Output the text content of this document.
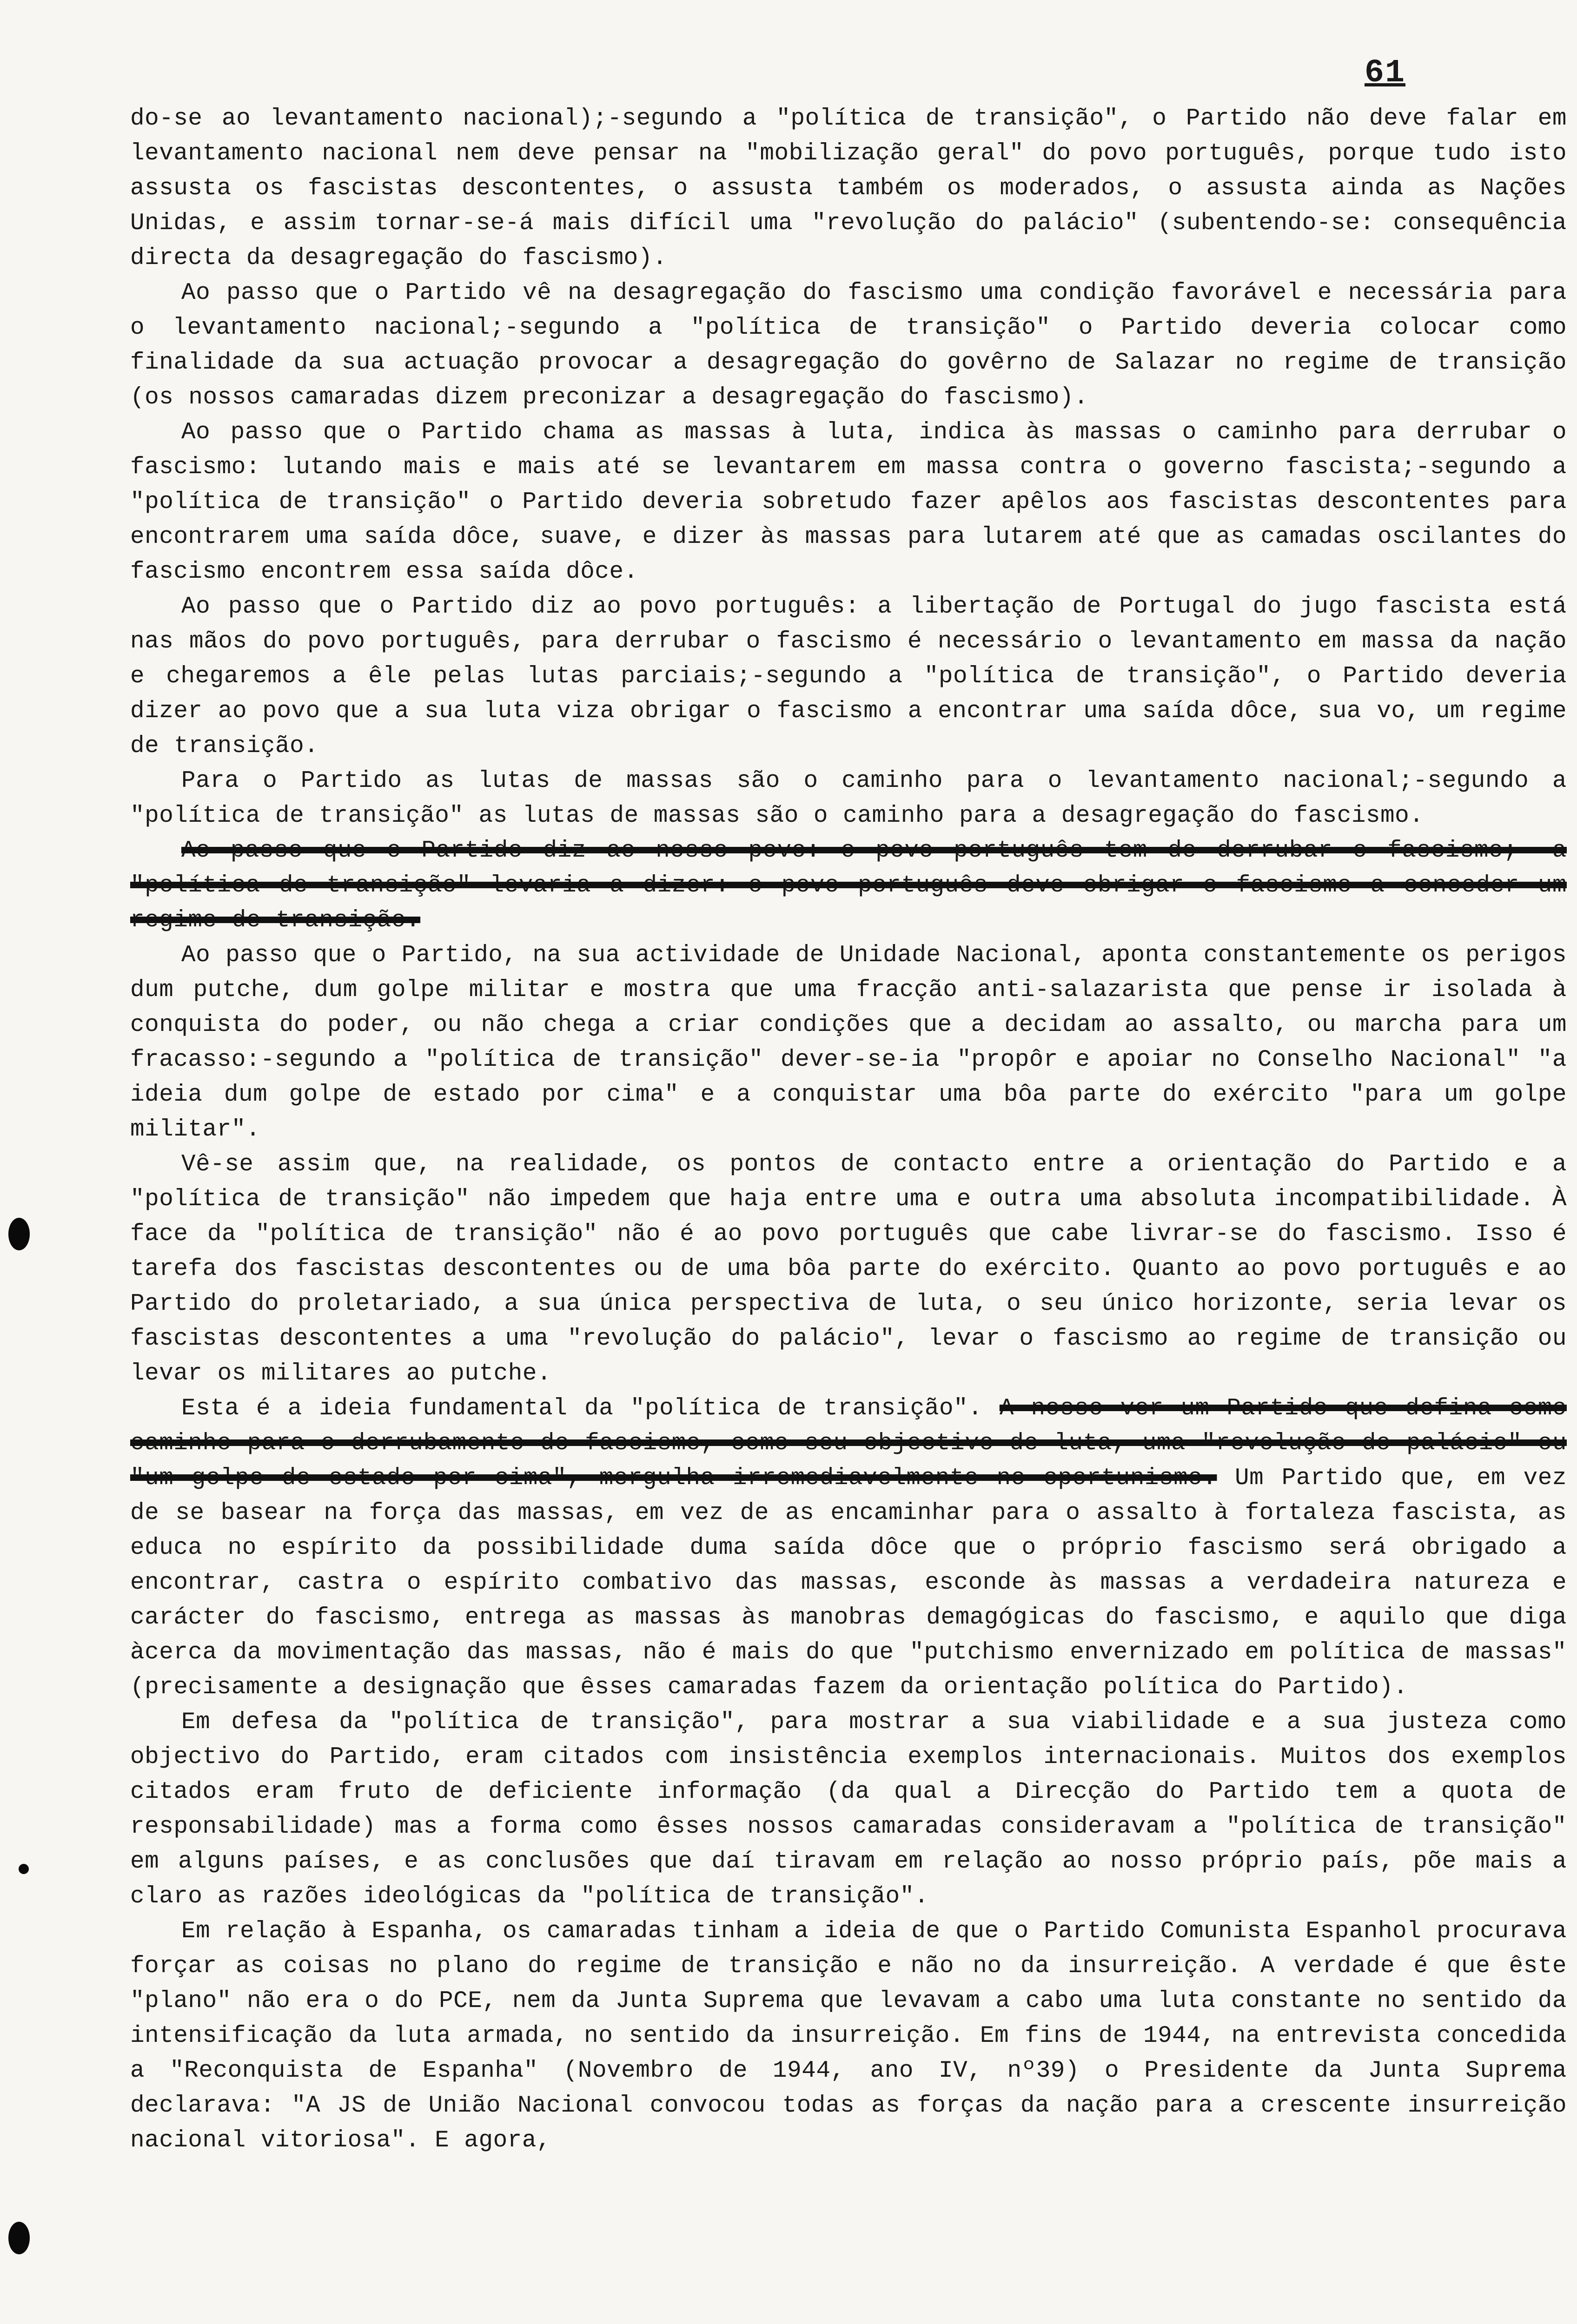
61

do-se ao levantamento nacional);-segundo a "política de transição", o Partido não deve falar em levantamento nacional nem deve pensar na "mobilização geral" do povo português, porque tudo isto assusta os fascistas descontentes, o assusta também os moderados, o assusta ainda as Nações Unidas, e assim tornar-se-á mais difícil uma "revolução do palácio" (subentendo-se: consequência directa da desagregação do fascismo).

Ao passo que o Partido vê na desagregação do fascismo uma condição favorável e necessária para o levantamento nacional;-segundo a "política de transição" o Partido deveria colocar como finalidade da sua actuação provocar a desagregação do govêrno de Salazar no regime de transição (os nossos camaradas dizem preconizar a desagregação do fascismo).

Ao passo que o Partido chama as massas à luta, indica às massas o caminho para derrubar o fascismo: lutando mais e mais até se levantarem em massa contra o governo fascista;-segundo a "política de transição" o Partido deveria sobretudo fazer apêlos aos fascistas descontentes para encontrarem uma saída dôce, suave, e dizer às massas para lutarem até que as camadas oscilantes do fascismo encontrem essa saída dôce.

Ao passo que o Partido diz ao povo português: a libertação de Portugal do jugo fascista está nas mãos do povo português, para derrubar o fascismo é necessário o levantamento em massa da nação e chegaremos a êle pelas lutas parciais;-segundo a "política de transição", o Partido deveria dizer ao povo que a sua luta viza obrigar o fascismo a encontrar uma saída dôce, sua vo, um regime de transição.

Para o Partido as lutas de massas são o caminho para o levantamento nacional;-segundo a "política de transição" as lutas de massas são o caminho para a desagregação do fascismo.

Ao passo que o Partido diz ao nosso povo: o povo português tem de derrubar o fascismo;- a "política de transição" levaria a dizer: o povo português deve obrigar o fascismo a conceder um regime de transição.

Ao passo que o Partido, na sua actividade de Unidade Nacional, aponta constantemente os perigos dum putche, dum golpe militar e mostra que uma fracção anti-salazarista que pense ir isolada à conquista do poder, ou não chega a criar condições que a decidam ao assalto, ou marcha para um fracasso:-segundo a "política de transição" dever-se-ia "propôr e apoiar no Conselho Nacional" "a ideia dum golpe de estado por cima" e a conquistar uma bôa parte do exército "para um golpe militar".

Vê-se assim que, na realidade, os pontos de contacto entre a orientação do Partido e a "política de transição" não impedem que haja entre uma e outra uma absoluta incompatibilidade. À face da "política de transição" não é ao povo português que cabe livrar-se do fascismo. Isso é tarefa dos fascistas descontentes ou de uma bôa parte do exército. Quanto ao povo português e ao Partido do proletariado, a sua única perspectiva de luta, o seu único horizonte, seria levar os fascistas descontentes a uma "revolução do palácio", levar o fascismo ao regime de transição ou levar os militares ao putche.

Esta é a ideia fundamental da "política de transição". A nosso ver um Partido que defina como caminho para o derrubamento do fascismo, como seu objectivo de luta, uma "revolução do palácio" ou "um golpe de estado por cima", mergulha irremediavelmente no oportunismo. Um Partido que, em vez de se basear na força das massas, em vez de as encaminhar para o assalto à fortaleza fascista, as educa no espírito da possibilidade duma saída dôce que o próprio fascismo será obrigado a encontrar, castra o espírito combativo das massas, esconde às massas a verdadeira natureza e carácter do fascismo, entrega as massas às manobras demagógicas do fascismo, e aquilo que diga àcerca da movimentação das massas, não é mais do que "putchismo envernizado em política de massas" (precisamente a designação que êsses camaradas fazem da orientação política do Partido).

Em defesa da "política de transição", para mostrar a sua viabilidade e a sua justeza como objectivo do Partido, eram citados com insistência exemplos internacionais. Muitos dos exemplos citados eram fruto de deficiente informação (da qual a Direcção do Partido tem a quota de responsabilidade) mas a forma como êsses nossos camaradas consideravam a "política de transição" em alguns países, e as conclusões que daí tiravam em relação ao nosso próprio país, põe mais a claro as razões ideológicas da "política de transição".

Em relação à Espanha, os camaradas tinham a ideia de que o Partido Comunista Espanhol procurava forçar as coisas no plano do regime de transição e não no da insurreição. A verdade é que êste "plano" não era o do PCE, nem da Junta Suprema que levavam a cabo uma luta constante no sentido da intensificação da luta armada, no sentido da insurreição. Em fins de 1944, na entrevista concedida a "Reconquista de Espanha" (Novembro de 1944, ano IV, nº39) o Presidente da Junta Suprema declarava: "A JS de União Nacional convocou todas as forças da nação para a crescente insurreição nacional vitoriosa". E agora,
